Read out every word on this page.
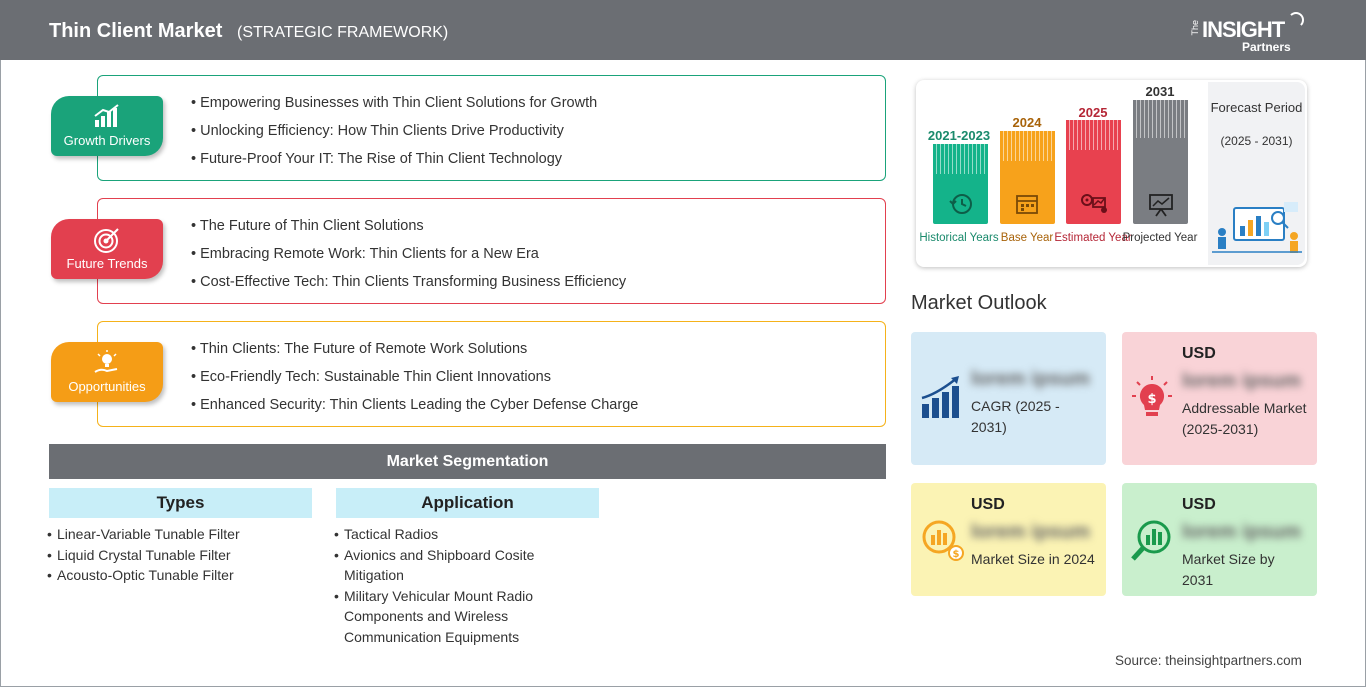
Thin Client Market (STRATEGIC FRAMEWORK)	The INSIGHT
Partners
• Empowering Businesses with Thin Client Solutions for Growth
• Unlocking Efficiency: How Thin Clients Drive Productivity
• Future-Proof Your IT: The Rise of Thin Client Technology
Growth Drivers
• The Future of Thin Client Solutions
• Embracing Remote Work: Thin Clients for a New Era
• Cost-Effective Tech: Thin Clients Transforming Business Efficiency
Future Trends
• Thin Clients: The Future of Remote Work Solutions
• Eco-Friendly Tech: Sustainable Thin Client Innovations
• Enhanced Security: Thin Clients Leading the Cyber Defense Charge
Opportunities
Market Segmentation
Types	Application
• Linear-Variable Tunable Filter
• Liquid Crystal Tunable Filter
• Acousto-Optic Tunable Filter
• Tactical Radios
• Avionics and Shipboard Cosite Mitigation
• Military Vehicular Mount Radio Components and Wireless Communication Equipments
Forecast Period
(2025 - 2031)
2021-2023
Historical Years
2024
Base Year
2025
Estimated Year
2031
Projected Year
Market Outlook
lorem ipsum
CAGR (2025 - 2031)
$
USD
lorem ipsum
Addressable Market (2025-2031)
$
USD
lorem ipsum
Market Size in 2024
USD
lorem ipsum
Market Size by 2031
Source: theinsightpartners.com
